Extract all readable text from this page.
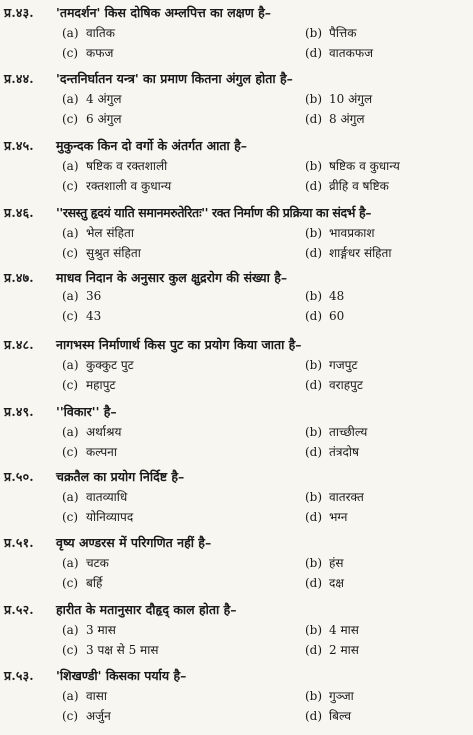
प्र.४३. 'तमदर्शन' किस दोषिक अम्लपित्त का लक्षण है–
(a) वातिक	(b) पैत्तिक
(c) कफज	(d) वातकफज
प्र.४४. 'दन्तनिर्घातन यन्त्र' का प्रमाण कितना अंगुल होता है–
(a) 4 अंगुल	(b) 10 अंगुल
(c) 6 अंगुल	(d) 8 अंगुल
प्र.४५. मुकुन्दक किन दो वर्गो के अंतर्गत आता है–
(a) षष्टिक व रक्तशाली	(b) षष्टिक व कुधान्य
(c) रक्तशाली व कुधान्य	(d) व्रीहि व षष्टिक
प्र.४६. ''रसस्तु हृदयं याति समानमरुतेरितः'' रक्त निर्माण की प्रक्रिया का संदर्भ है–
(a) भेल संहिता	(b) भावप्रकाश
(c) सुश्रुत संहिता	(d) शार्ङ्गधर संहिता
प्र.४७. माधव निदान के अनुसार कुल क्षुद्ररोग की संख्या है–
(a) 36	(b) 48
(c) 43	(d) 60
प्र.४८. नागभस्म निर्माणार्थ किस पुट का प्रयोग किया जाता है–
(a) कुक्कुट पुट	(b) गजपुट
(c) महापुट	(d) वराहपुट
प्र.४९. ''विकार'' है–
(a) अर्थाश्रय	(b) ताच्छील्य
(c) कल्पना	(d) तंत्रदोष
प्र.५०. चक्रतैल का प्रयोग निर्दिष्ट है–
(a) वातव्याधि	(b) वातरक्त
(c) योनिव्यापद	(d) भग्न
प्र.५१. वृष्य अण्डरस में परिगणित नहीं है–
(a) चटक	(b) हंस
(c) बर्हि	(d) दक्ष
प्र.५२. हारीत के मतानुसार दौहृद् काल होता है–
(a) 3 मास	(b) 4 मास
(c) 3 पक्ष से 5 मास	(d) 2 मास
प्र.५३. 'शिखण्डी' किसका पर्याय है–
(a) वासा	(b) गुञ्जा
(c) अर्जुन	(d) बिल्व
